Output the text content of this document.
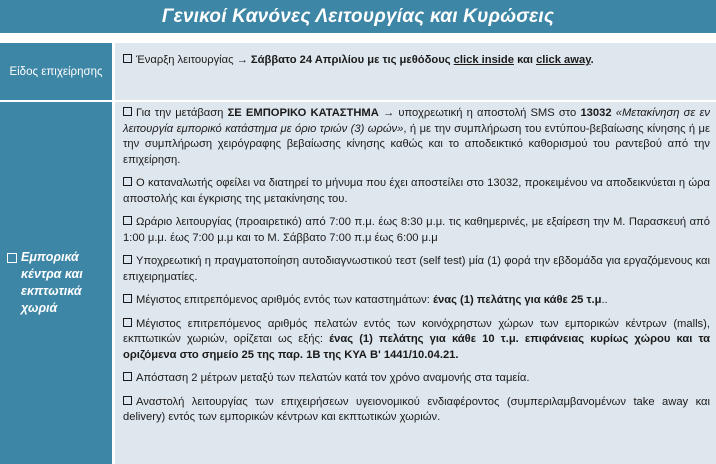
Γενικοί Κανόνες Λειτουργίας και Κυρώσεις
Είδος επιχείρησης
Έναρξη λειτουργίας → Σάββατο 24 Απριλίου με τις μεθόδους click inside και click away.
Εμπορικά κέντρα και εκπτωτικά χωριά
Για την μετάβαση ΣΕ ΕΜΠΟΡΙΚΟ ΚΑΤΑΣΤΗΜΑ → υποχρεωτική η αποστολή SMS στο 13032 «Μετακίνηση σε εν λειτουργία εμπορικό κατάστημα με όριο τριών (3) ωρών», ή με την συμπλήρωση του εντύπου-βεβαίωσης κίνησης ή με την συμπλήρωση χειρόγραφης βεβαίωσης κίνησης καθώς και το αποδεικτικό καθορισμού του ραντεβού από την επιχείρηση.
Ο καταναλωτής οφείλει να διατηρεί το μήνυμα που έχει αποστείλει στο 13032, προκειμένου να αποδεικνύεται η ώρα αποστολής και έγκρισης της μετακίνησης του.
Ωράριο λειτουργίας (προαιρετικό) από 7:00 π.μ. έως 8:30 μ.μ. τις καθημερινές, με εξαίρεση την Μ. Παρασκευή από 1:00 μ.μ. έως 7:00 μ.μ και το Μ. Σάββατο 7:00 π.μ έως 6:00 μ.μ
Υποχρεωτική η πραγματοποίηση αυτοδιαγνωστικού τεστ (self test) μία (1) φορά την εβδομάδα για εργαζόμενους και επιχειρηματίες.
Μέγιστος επιτρεπόμενος αριθμός εντός των καταστημάτων: ένας (1) πελάτης για κάθε 25 τ.μ..
Μέγιστος επιτρεπόμενος αριθμός πελατών εντός των κοινόχρηστων χώρων των εμπορικών κέντρων (malls), εκπτωτικών χωριών, ορίζεται ως εξής: ένας (1) πελάτης για κάθε 10 τ.μ. επιφάνειας κυρίως χώρου και τα οριζόμενα στο σημείο 25 της παρ. 1Β της ΚΥΑ Β' 1441/10.04.21.
Απόσταση 2 μέτρων μεταξύ των πελατών κατά τον χρόνο αναμονής στα ταμεία.
Αναστολή λειτουργίας των επιχειρήσεων υγειονομικού ενδιαφέροντος (συμπεριλαμβανομένων take away και delivery) εντός των εμπορικών κέντρων και εκπτωτικών χωριών.
